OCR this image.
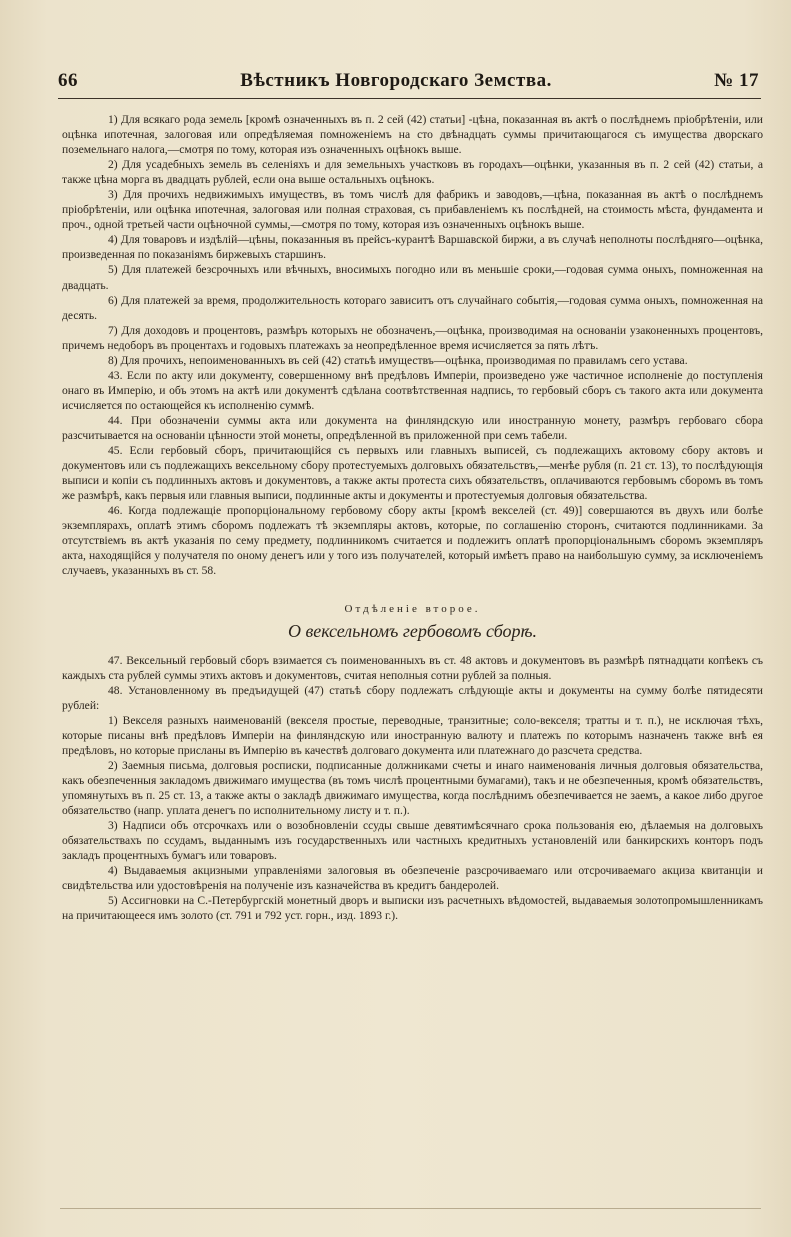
66	Вѣстникъ Новгородскаго Земства.	№ 17

1) Для всякаго рода земель [кромѣ означенныхъ въ п. 2 сей (42) статьи] -цѣна, показанная въ актѣ о послѣднемъ пріобрѣтеніи, или оцѣнка ипотечная, залоговая или опредѣляемая помноженіемъ на сто двѣнадцать суммы причитающагося съ имущества дворскаго поземельнаго налога,—смотря по тому, которая изъ означенныхъ оцѣнокъ выше.

2) Для усадебныхъ земель въ селеніяхъ и для земельныхъ участковъ въ городахъ—оцѣнки, указанныя въ п. 2 сей (42) статьи, а также цѣна морга въ двадцать рублей, если она выше остальныхъ оцѣнокъ.

3) Для прочихъ недвижимыхъ имуществъ, въ томъ числѣ для фабрикъ и заводовъ,—цѣна, показанная въ актѣ о послѣднемъ пріобрѣтеніи, или оцѣнка ипотечная, залоговая или полная страховая, съ прибавленіемъ къ послѣдней, на стоимость мѣста, фундамента и проч., одной третьей части оцѣночной суммы,—смотря по тому, которая изъ означенныхъ оцѣнокъ выше.

4) Для товаровъ и издѣлій—цѣны, показанныя въ прейсъ-курантѣ Варшавской биржи, а въ случаѣ неполноты послѣдняго—оцѣнка, произведенная по показаніямъ биржевыхъ старшинъ.

5) Для платежей безсрочныхъ или вѣчныхъ, вносимыхъ погодно или въ меньшіе сроки,—годовая сумма оныхъ, помноженная на двадцать.

6) Для платежей за время, продолжительность котораго зависитъ отъ случайнаго событія,—годовая сумма оныхъ, помноженная на десять.

7) Для доходовъ и процентовъ, размѣръ которыхъ не обозначенъ,—оцѣнка, производимая на основаніи узаконенныхъ процентовъ, причемъ недоборъ въ процентахъ и годовыхъ платежахъ за неопредѣленное время исчисляется за пять лѣтъ.

8) Для прочихъ, непоименованныхъ въ сей (42) статьѣ имуществъ—оцѣнка, производимая по правиламъ сего устава.

43. Если по акту или документу, совершенному внѣ предѣловъ Имперіи, произведено уже частичное исполненіе до поступленія онаго въ Имперію, и объ этомъ на актѣ или документѣ сдѣлана соотвѣтственная надпись, то гербовый сборъ съ такого акта или документа исчисляется по остающейся къ исполненію суммѣ.

44. При обозначеніи суммы акта или документа на финляндскую или иностранную монету, размѣръ гербоваго сбора разсчитывается на основаніи цѣнности этой монеты, опредѣленной въ приложенной при семъ табели.

45. Если гербовый сборъ, причитающійся съ первыхъ или главныхъ выписей, съ подлежащихъ актовому сбору актовъ и документовъ или съ подлежащихъ вексельному сбору протестуемыхъ долговыхъ обязательствъ,—менѣе рубля (п. 21 ст. 13), то послѣдующія выписи и копіи съ подлинныхъ актовъ и документовъ, а также акты протеста сихъ обязательствъ, оплачиваются гербовымъ сборомъ въ томъ же размѣрѣ, какъ первыя или главныя выписи, подлинные акты и документы и протестуемыя долговыя обязательства.

46. Когда подлежащіе пропорціональному гербовому сбору акты [кромѣ векселей (ст. 49)] совершаются въ двухъ или болѣе экземплярахъ, оплатѣ этимъ сборомъ подлежатъ тѣ экземпляры актовъ, которые, по соглашенію сторонъ, считаются подлинниками. За отсутствіемъ въ актѣ указанія по сему предмету, подлинникомъ считается и подлежитъ оплатѣ пропорціональнымъ сборомъ экземпляръ акта, находящійся у получателя по оному денегъ или у того изъ получателей, который имѣетъ право на наибольшую сумму, за исключеніемъ случаевъ, указанныхъ въ ст. 58.

Отдѣленіе второе.
О вексельномъ гербовомъ сборѣ.

47. Вексельный гербовый сборъ взимается съ поименованныхъ въ ст. 48 актовъ и документовъ въ размѣрѣ пятнадцати копѣекъ съ каждыхъ ста рублей суммы этихъ актовъ и документовъ, считая неполныя сотни рублей за полныя.

48. Установленному въ предъидущей (47) статьѣ сбору подлежатъ слѣдующіе акты и документы на сумму болѣе пятидесяти рублей:

1) Векселя разныхъ наименованій (векселя простые, переводные, транзитные; соло-векселя; тратты и т. п.), не исключая тѣхъ, которые писаны внѣ предѣловъ Имперіи на финляндскую или иностранную валюту и платежъ по которымъ назначенъ также внѣ ея предѣловъ, но которые присланы въ Имперію въ качествѣ долговаго документа или платежнаго до разсчета средства.

2) Заемныя письма, долговыя росписки, подписанные должниками счеты и инаго наименованія личныя долговыя обязательства, какъ обезпеченныя закладомъ движимаго имущества (въ томъ числѣ процентными бумагами), такъ и не обезпеченныя, кромѣ обязательствъ, упомянутыхъ въ п. 25 ст. 13, а также акты о закладѣ движимаго имущества, когда послѣднимъ обезпечивается не заемъ, а какое либо другое обязательство (напр. уплата денегъ по исполнительному листу и т. п.).

3) Надписи объ отсрочкахъ или о возобновленіи ссуды свыше девятимѣсячнаго срока пользованія ею, дѣлаемыя на долговыхъ обязательствахъ по ссудамъ, выданнымъ изъ государственныхъ или частныхъ кредитныхъ установленій или банкирскихъ конторъ подъ закладъ процентныхъ бумагъ или товаровъ.

4) Выдаваемыя акцизными управленіями залоговыя въ обезпеченіе разсрочиваемаго или отсрочиваемаго акциза квитанціи и свидѣтельства или удостовѣренія на полученіе изъ казначейства въ кредитъ бандеролей.

5) Ассигновки на С.-Петербургскій монетный дворъ и выписки изъ расчетныхъ вѣдомостей, выдаваемыя золотопромышленникамъ на причитающееся имъ золото (ст. 791 и 792 уст. горн., изд. 1893 г.).
